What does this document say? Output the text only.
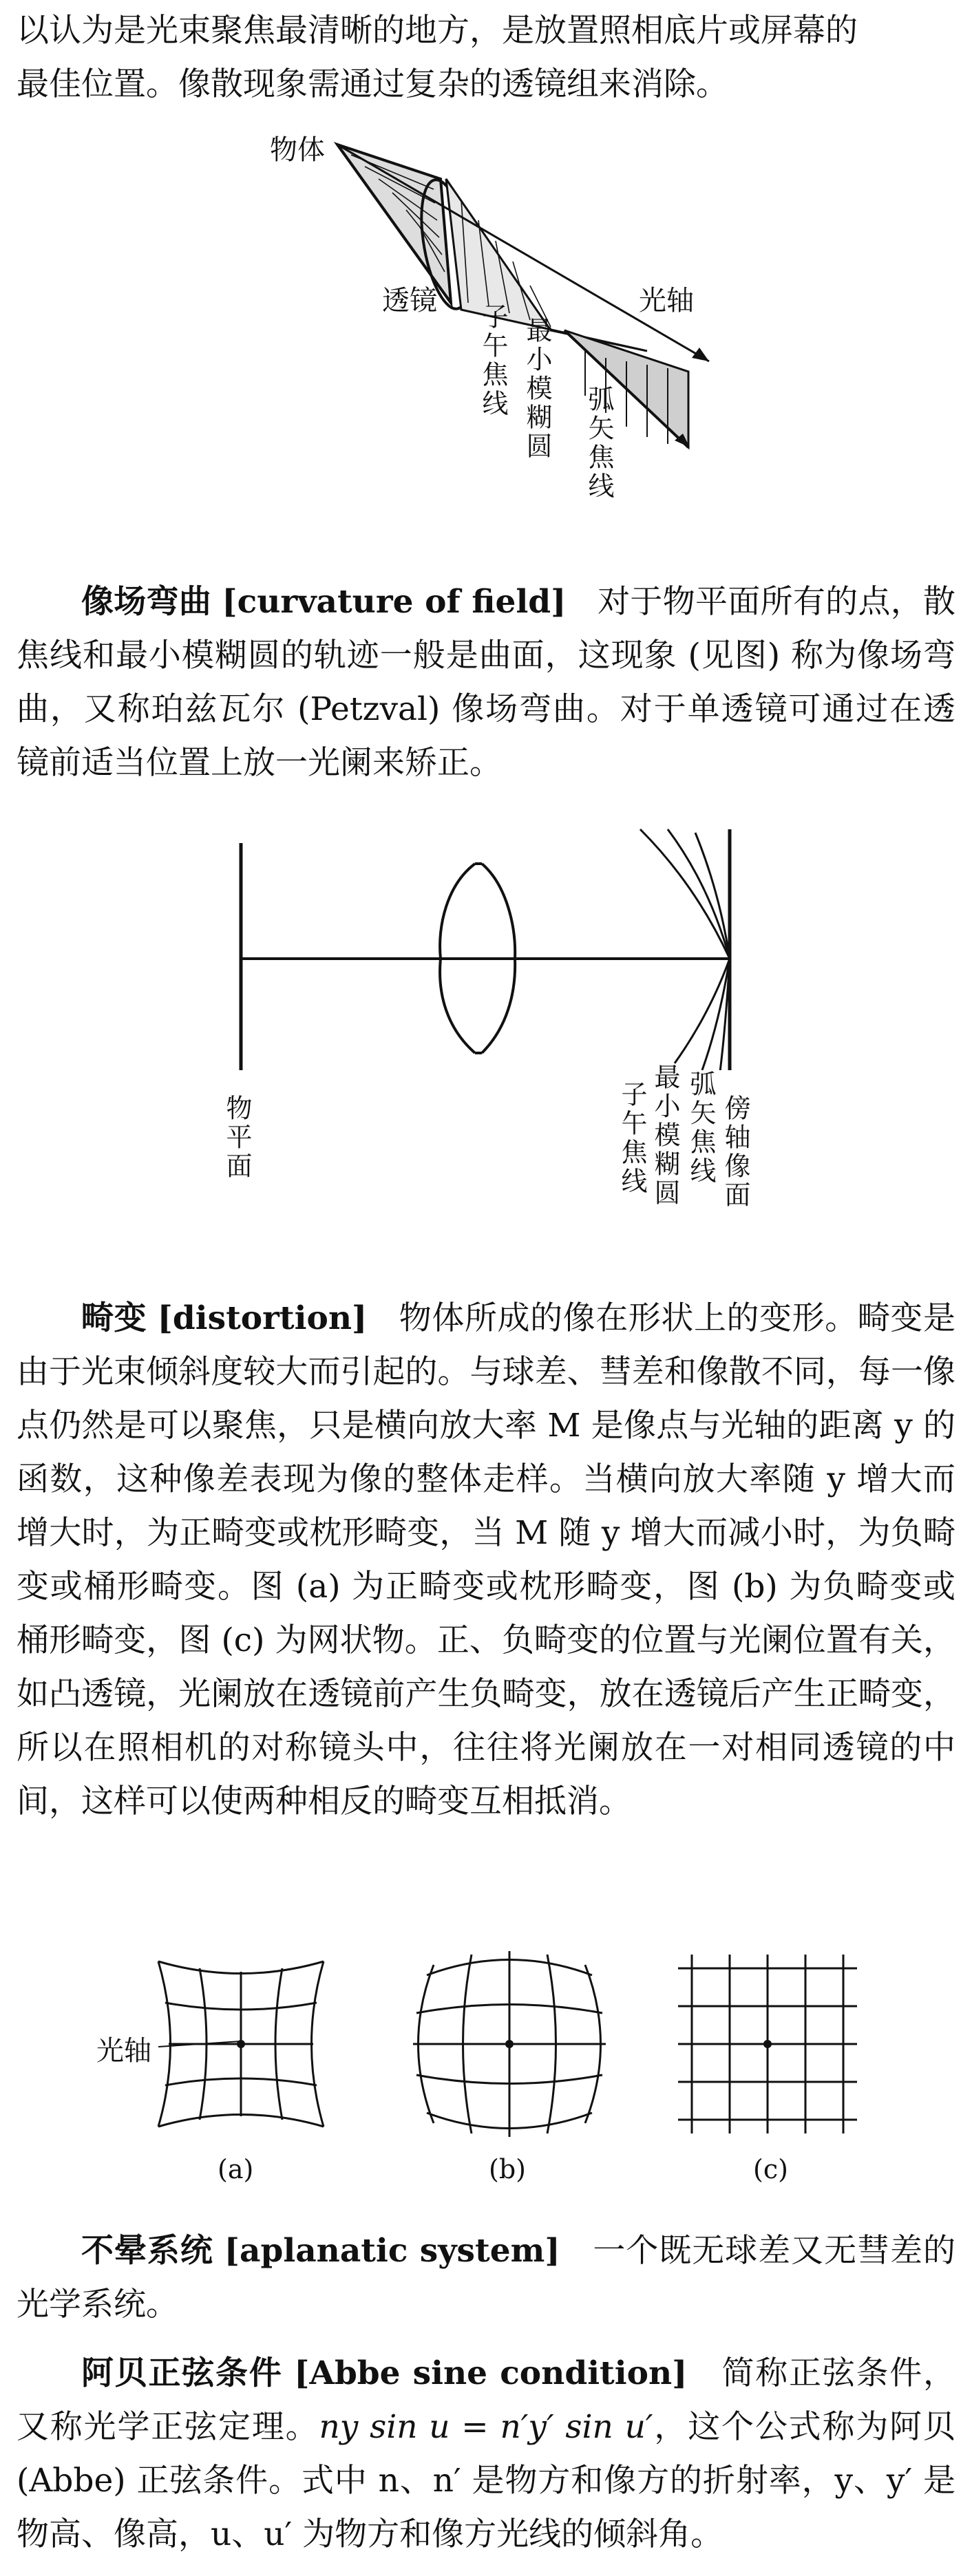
以认为是光束聚焦最清晰的地方，是放置照相底片或屏幕的

最佳位置。像散现象需通过复杂的透镜组来消除。

物体
透镜	光轴
子午焦线 最小模糊圆 弧矢焦线

像场弯曲 [curvature of field] 对于物平面所有的点，散焦线和最小模糊圆的轨迹一般是曲面，这现象 (见图) 称为像场弯曲，又称珀兹瓦尔 (Petzval) 像场弯曲。对于单透镜可通过在透镜前适当位置上放一光阑来矫正。

物平面	子午焦线 最小模糊圆 弧矢焦线 傍轴像面

畸变 [distortion] 物体所成的像在形状上的变形。畸变是由于光束倾斜度较大而引起的。与球差、彗差和像散不同，每一像点仍然是可以聚焦，只是横向放大率 M 是像点与光轴的距离 y 的函数，这种像差表现为像的整体走样。当横向放大率随 y 增大而增大时，为正畸变或枕形畸变，当 M 随 y 增大而减小时，为负畸变或桶形畸变。图 (a) 为正畸变或枕形畸变，图 (b) 为负畸变或桶形畸变，图 (c) 为网状物。正、负畸变的位置与光阑位置有关，如凸透镜，光阑放在透镜前产生负畸变，放在透镜后产生正畸变，所以在照相机的对称镜头中，往往将光阑放在一对相同透镜的中间，这样可以使两种相反的畸变互相抵消。

光轴
(a)	(b)	(c)

不晕系统 [aplanatic system] 一个既无球差又无彗差的光学系统。

阿贝正弦条件 [Abbe sine condition] 简称正弦条件，又称光学正弦定理。ny sin u = n′y′ sin u′，这个公式称为阿贝 (Abbe) 正弦条件。式中 n、n′ 是物方和像方的折射率，y、y′ 是物高、像高，u、u′ 为物方和像方光线的倾斜角。
